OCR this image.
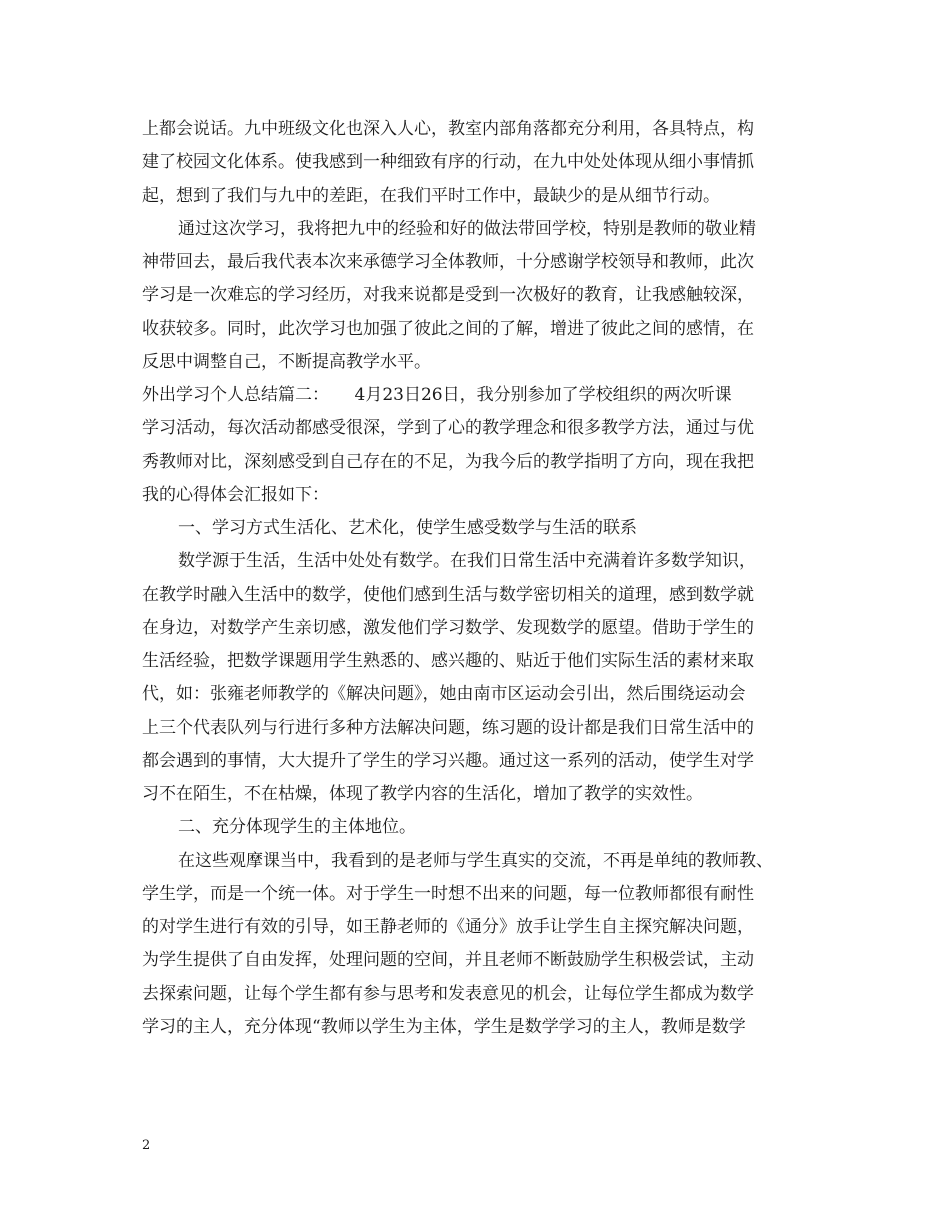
上都会说话。九中班级文化也深入人心，教室内部角落都充分利用，各具特点，构
建了校园文化体系。使我感到一种细致有序的行动，在九中处处体现从细小事情抓
起，想到了我们与九中的差距，在我们平时工作中，最缺少的是从细节行动。
通过这次学习，我将把九中的经验和好的做法带回学校，特别是教师的敬业精
神带回去，最后我代表本次来承德学习全体教师，十分感谢学校领导和教师，此次
学习是一次难忘的学习经历，对我来说都是受到一次极好的教育，让我感触较深，
收获较多。同时，此次学习也加强了彼此之间的了解，增进了彼此之间的感情，在
反思中调整自己，不断提高教学水平。
外出学习个人总结篇二：　　4月23日26日，我分别参加了学校组织的两次听课
学习活动，每次活动都感受很深，学到了心的教学理念和很多教学方法，通过与优
秀教师对比，深刻感受到自己存在的不足，为我今后的教学指明了方向，现在我把
我的心得体会汇报如下：
一、学习方式生活化、艺术化，使学生感受数学与生活的联系
数学源于生活，生活中处处有数学。在我们日常生活中充满着许多数学知识，
在教学时融入生活中的数学，使他们感到生活与数学密切相关的道理，感到数学就
在身边，对数学产生亲切感，激发他们学习数学、发现数学的愿望。借助于学生的
生活经验，把数学课题用学生熟悉的、感兴趣的、贴近于他们实际生活的素材来取
代，如：张雍老师教学的《解决问题》，她由南市区运动会引出，然后围绕运动会
上三个代表队列与行进行多种方法解决问题，练习题的设计都是我们日常生活中的
都会遇到的事情，大大提升了学生的学习兴趣。通过这一系列的活动，使学生对学
习不在陌生，不在枯燥，体现了教学内容的生活化，增加了教学的实效性。
二、充分体现学生的主体地位。
在这些观摩课当中，我看到的是老师与学生真实的交流，不再是单纯的教师教、
学生学，而是一个统一体。对于学生一时想不出来的问题，每一位教师都很有耐性
的对学生进行有效的引导，如王静老师的《通分》放手让学生自主探究解决问题，
为学生提供了自由发挥，处理问题的空间，并且老师不断鼓励学生积极尝试，主动
去探索问题，让每个学生都有参与思考和发表意见的机会，让每位学生都成为数学
学习的主人，充分体现“教师以学生为主体，学生是数学学习的主人，教师是数学
2
